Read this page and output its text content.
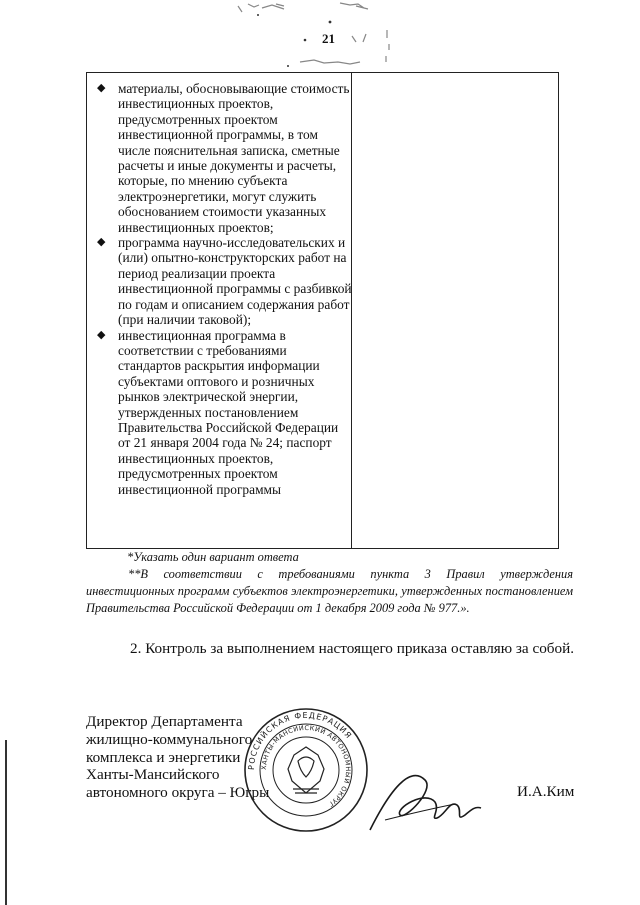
21
◆ материалы, обосновывающие стоимость инвестиционных проектов, предусмотренных проектом инвестиционной программы, в том числе пояснительная записка, сметные расчеты и иные документы и расчеты, которые, по мнению субъекта электроэнергетики, могут служить обоснованием стоимости указанных инвестиционных проектов;
◆ программа научно-исследовательских и (или) опытно-конструкторских работ на период реализации проекта инвестиционной программы с разбивкой по годам и описанием содержания работ (при наличии таковой);
◆ инвестиционная программа в соответствии с требованиями стандартов раскрытия информации субъектами оптового и розничных рынков электрической энергии, утвержденных постановлением Правительства Российской Федерации от 21 января 2004 года № 24; паспорт инвестиционных проектов, предусмотренных проектом инвестиционной программы
*Указать один вариант ответа
**В соответствии с требованиями пункта 3 Правил утверждения инвестиционных программ субъектов электроэнергетики, утвержденных постановлением Правительства Российской Федерации от 1 декабря 2009 года № 977.».
2. Контроль за выполнением настоящего приказа оставляю за собой.
Директор Департамента
жилищно-коммунального
комплекса и энергетики
Ханты-Мансийского
автономного округа – Югры
РОССИЙСКАЯ ФЕДЕРАЦИЯ
ХАНТЫ-МАНСИЙСКИЙ АВТОНОМНЫЙ ОКРУГ
И.А.Ким
